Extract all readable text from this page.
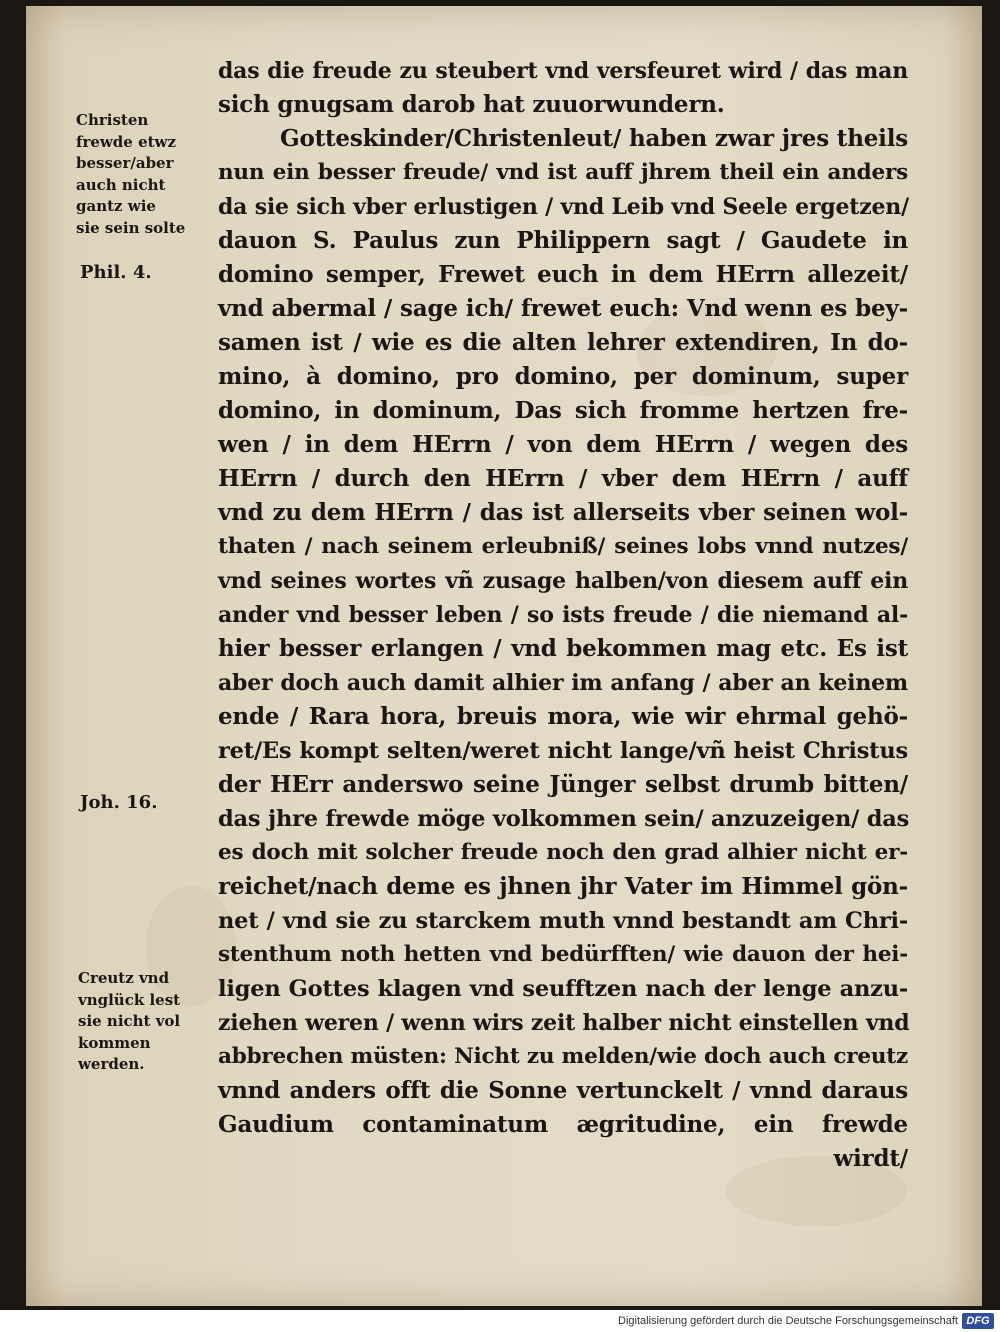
Christen
frewde etwz
besser/aber
auch nicht
gantz wie
sie sein solte
Phil. 4.
Joh. 16.
Creutz vnd
vnglück lest
sie nicht vol
kommen
werden.

das die freude zu steubert vnd versfeuret wird / das man

sich gnugsam darob hat zuuorwundern.

Gotteskinder/Christenleut/ haben zwar jres theils

nun ein besser freude/ vnd ist auff jhrem theil ein anders

da sie sich vber erlustigen / vnd Leib vnd Seele ergetzen/

dauon S. Paulus zun Philippern sagt / Gaudete in

domino semper, Frewet euch in dem HErrn allezeit/

vnd abermal / sage ich/ frewet euch: Vnd wenn es bey-

samen ist / wie es die alten lehrer extendiren, In do-

mino, à domino, pro domino, per dominum, super

domino, in dominum, Das sich fromme hertzen fre-

wen / in dem HErrn / von dem HErrn / wegen des

HErrn / durch den HErrn / vber dem HErrn / auff

vnd zu dem HErrn / das ist allerseits vber seinen wol-

thaten / nach seinem erleubniß/ seines lobs vnnd nutzes/

vnd seines wortes vñ zusage halben/von diesem auff ein

ander vnd besser leben / so ists freude / die niemand al-

hier besser erlangen / vnd bekommen mag etc. Es ist

aber doch auch damit alhier im anfang / aber an keinem

ende / Rara hora, breuis mora, wie wir ehrmal gehö-

ret/Es kompt selten/weret nicht lange/vñ heist Christus

der HErr anderswo seine Jünger selbst drumb bitten/

das jhre frewde möge volkommen sein/ anzuzeigen/ das

es doch mit solcher freude noch den grad alhier nicht er-

reichet/nach deme es jhnen jhr Vater im Himmel gön-

net / vnd sie zu starckem muth vnnd bestandt am Chri-

stenthum noth hetten vnd bedürfften/ wie dauon der hei-

ligen Gottes klagen vnd seufftzen nach der lenge anzu-

ziehen weren / wenn wirs zeit halber nicht einstellen vnd

abbrechen müsten: Nicht zu melden/wie doch auch creutz

vnnd anders offt die Sonne vertunckelt / vnnd daraus

Gaudium contaminatum ægritudine, ein frewde

wirdt/

Digitalisierung gefördert durch die Deutsche Forschungsgemeinschaft DFG
